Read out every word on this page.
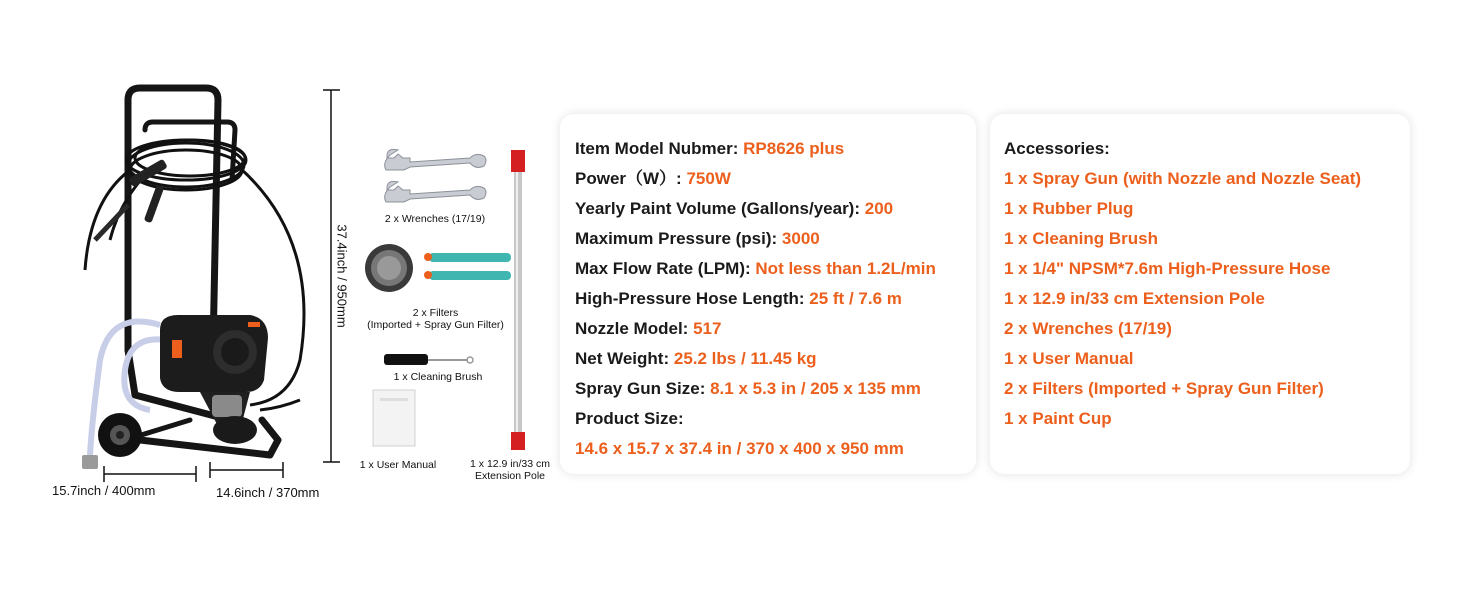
37.4inch / 950mm
15.7inch / 400mm	14.6inch / 370mm
2 x Wrenches (17/19)
2 x Filters
(Imported + Spray Gun Filter)
1 x Cleaning Brush
1 x User Manual	1 x 12.9 in/33 cm
Extension Pole
Item Model Nubmer: RP8626 plus
Power（W）: 750W
Yearly Paint Volume (Gallons/year): 200
Maximum Pressure (psi): 3000
Max Flow Rate (LPM): Not less than 1.2L/min
High-Pressure Hose Length: 25 ft / 7.6 m
Nozzle Model: 517
Net Weight: 25.2 lbs / 11.45 kg
Spray Gun Size: 8.1 x 5.3 in / 205 x 135 mm
Product Size:
14.6 x 15.7 x 37.4 in / 370 x 400 x 950 mm
Accessories:
1 x Spray Gun (with Nozzle and Nozzle Seat)
1 x Rubber Plug
1 x Cleaning Brush
1 x 1/4" NPSM*7.6m High-Pressure Hose
1 x 12.9 in/33 cm Extension Pole
2 x Wrenches (17/19)
1 x User Manual
2 x Filters (Imported + Spray Gun Filter)
1 x Paint Cup
